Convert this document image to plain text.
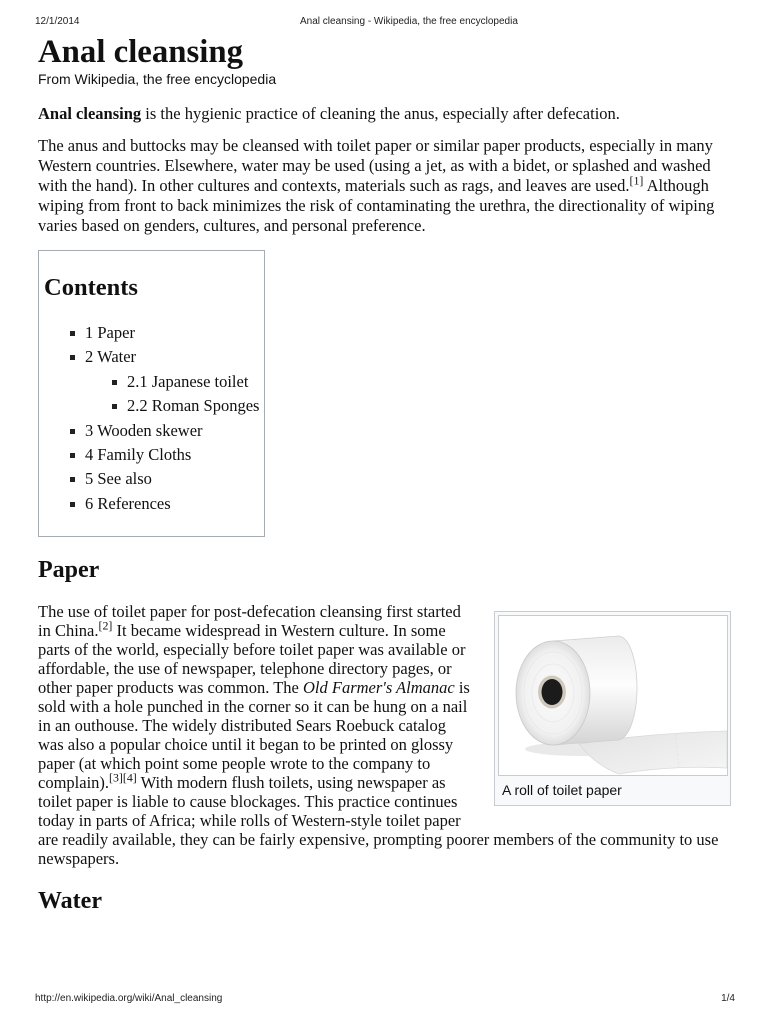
12/1/2014	Anal cleansing - Wikipedia, the free encyclopedia
Anal cleansing
From Wikipedia, the free encyclopedia

Anal cleansing is the hygienic practice of cleaning the anus, especially after defecation.

The anus and buttocks may be cleansed with toilet paper or similar paper products, especially in many Western countries. Elsewhere, water may be used (using a jet, as with a bidet, or splashed and washed with the hand). In other cultures and contexts, materials such as rags, and leaves are used.[1] Although wiping from front to back minimizes the risk of contaminating the urethra, the directionality of wiping varies based on genders, cultures, and personal preference.

Contents
1 Paper
2 Water
2.1 Japanese toilet
2.2 Roman Sponges
3 Wooden skewer
4 Family Cloths
5 See also
6 References
Paper
A roll of toilet paper

The use of toilet paper for post-defecation cleansing first started in China.[2] It became widespread in Western culture. In some parts of the world, especially before toilet paper was available or affordable, the use of newspaper, telephone directory pages, or other paper products was common. The Old Farmer's Almanac is sold with a hole punched in the corner so it can be hung on a nail in an outhouse. The widely distributed Sears Roebuck catalog was also a popular choice until it began to be printed on glossy paper (at which point some people wrote to the company to complain).[3][4] With modern flush toilets, using newspaper as toilet paper is liable to cause blockages. This practice continues today in parts of Africa; while rolls of Western-style toilet paper are readily available, they can be fairly expensive, prompting poorer members of the community to use newspapers.

Water
http://en.wikipedia.org/wiki/Anal_cleansing	1/4
